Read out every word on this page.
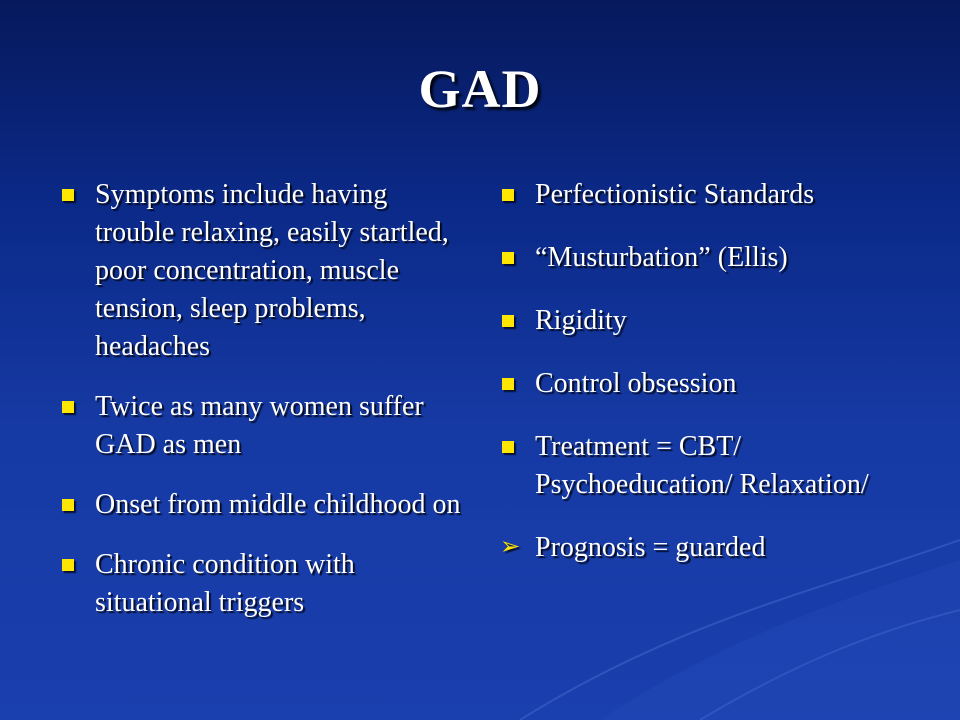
GAD
Symptoms include having trouble relaxing, easily startled, poor concentration, muscle tension, sleep problems, headaches
Twice as many women suffer GAD as men
Onset from middle childhood on
Chronic condition with situational triggers
Perfectionistic Standards
“Musturbation” (Ellis)
Rigidity
Control obsession
Treatment = CBT/ Psychoeducation/ Relaxation/
➢ Prognosis = guarded
